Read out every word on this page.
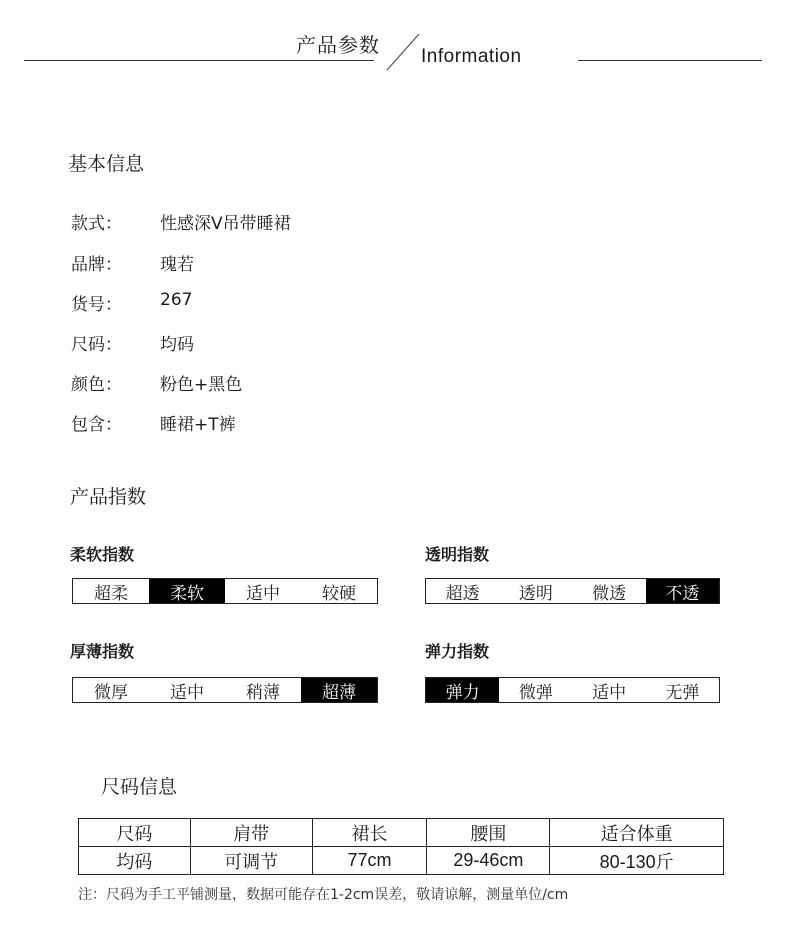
产品参数 Information
基本信息
款式： 性感深V吊带睡裙
品牌： 瑰若
货号： 267
尺码： 均码
颜色： 粉色+黑色
包含： 睡裙+T裤
产品指数
柔软指数
超柔	柔软	适中	较硬
透明指数
超透	透明	微透	不透
厚薄指数
微厚	适中	稍薄	超薄
弹力指数
弹力	微弹	适中	无弹
尺码信息
尺码	肩带	裙长	腰围	适合体重
均码	可调节	77cm	29-46cm	80-130斤
注：尺码为手工平铺测量，数据可能存在1-2cm误差，敬请谅解，测量单位/cm
